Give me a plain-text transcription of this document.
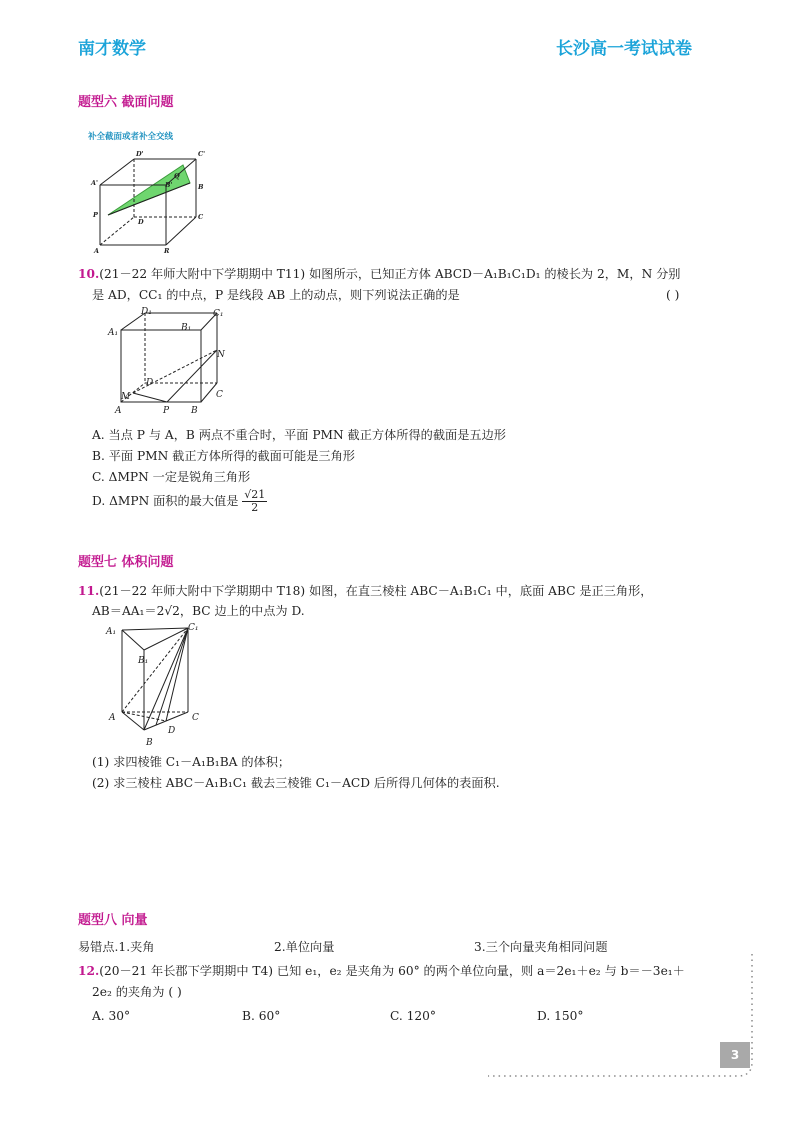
南才数学	长沙高一考试试卷
题型六 截面问题
补全截面或者补全交线
D'	C'
A'
Q
B'	B
P
D
C
A	R
10.(21－22 年师大附中下学期期中 T11) 如图所示，已知正方体 ABCD－A₁B₁C₁D₁ 的棱长为 2，M，N 分别
是 AD，CC₁ 的中点，P 是线段 AB 上的动点，则下列说法正确的是	( )
D₁	C₁
A₁	B₁
N
D
C
M
A	P B
A. 当点 P 与 A，B 两点不重合时，平面 PMN 截正方体所得的截面是五边形
B. 平面 PMN 截正方体所得的截面可能是三角形
C. ΔMPN 一定是锐角三角形
D. ΔMPN 面积的最大值是 $\frac{√21}{2}$
题型七 体积问题
11.(21－22 年师大附中下学期期中 T18) 如图，在直三棱柱 ABC－A₁B₁C₁ 中，底面 ABC 是正三角形，
AB＝AA₁＝2√2，BC 边上的中点为 D.
A₁	C₁
B₁
A	C
D
B
(1) 求四棱锥 C₁－A₁B₁BA 的体积；
(2) 求三棱柱 ABC－A₁B₁C₁ 截去三棱锥 C₁－ACD 后所得几何体的表面积.
题型八 向量
易错点.1.夹角	2.单位向量	3.三个向量夹角相同问题
12.(20－21 年长郡下学期期中 T4) 已知 e₁，e₂ 是夹角为 60° 的两个单位向量，则 a＝2e₁＋e₂ 与 b＝－3e₁＋
2e₂ 的夹角为 ( )
A. 30°	B. 60°	C. 120°	D. 150°
3
